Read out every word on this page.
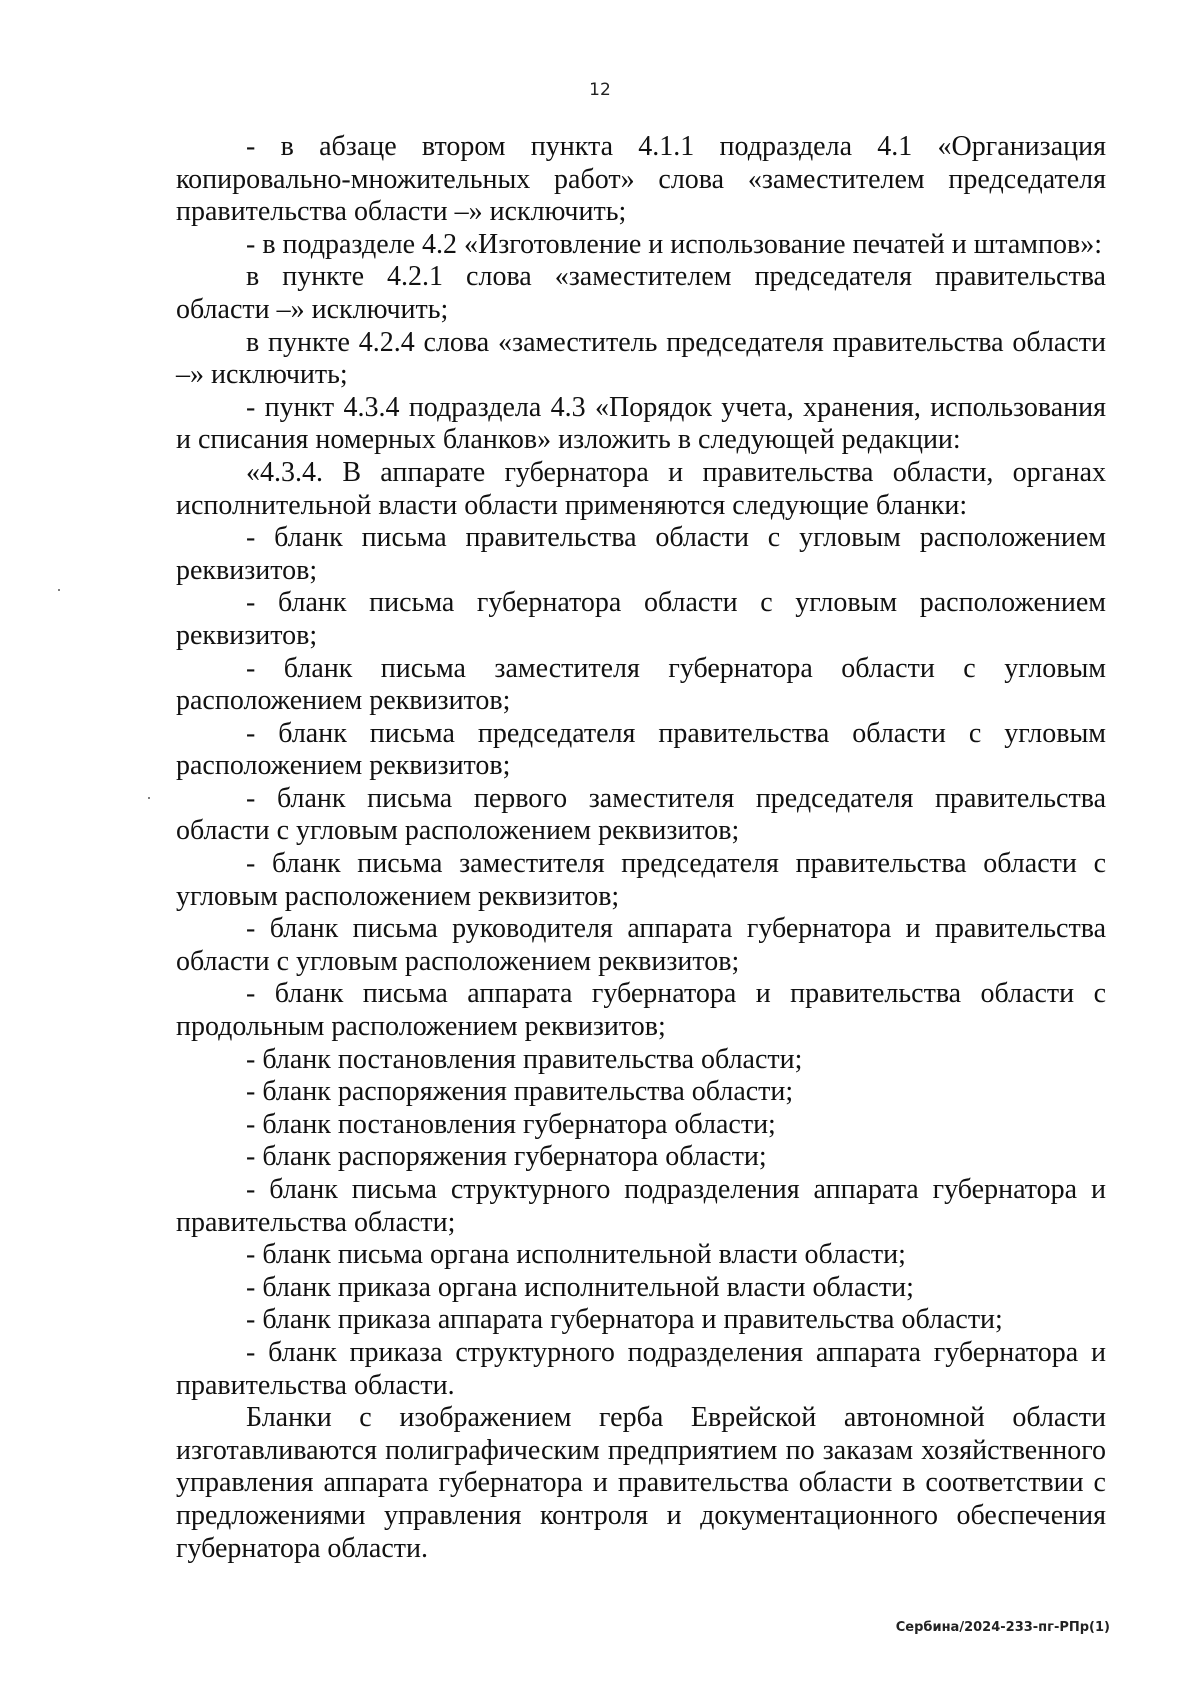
12

- в абзаце втором пункта 4.1.1 подраздела 4.1 «Организация копировально-множительных работ» слова «заместителем председателя правительства области –» исключить;

- в подразделе 4.2 «Изготовление и использование печатей и штампов»:

в пункте 4.2.1 слова «заместителем председателя правительства области –» исключить;

в пункте 4.2.4 слова «заместитель председателя правительства области –» исключить;

- пункт 4.3.4 подраздела 4.3 «Порядок учета, хранения, использования и списания номерных бланков» изложить в следующей редакции:

«4.3.4. В аппарате губернатора и правительства области, органах исполнительной власти области применяются следующие бланки:

- бланк письма правительства области с угловым расположением реквизитов;

- бланк письма губернатора области с угловым расположением реквизитов;

- бланк письма заместителя губернатора области с угловым расположением реквизитов;

- бланк письма председателя правительства области с угловым расположением реквизитов;

- бланк письма первого заместителя председателя правительства области с угловым расположением реквизитов;

- бланк письма заместителя председателя правительства области с угловым расположением реквизитов;

- бланк письма руководителя аппарата губернатора и правительства области с угловым расположением реквизитов;

- бланк письма аппарата губернатора и правительства области с продольным расположением реквизитов;

- бланк постановления правительства области;

- бланк распоряжения правительства области;

- бланк постановления губернатора области;

- бланк распоряжения губернатора области;

- бланк письма структурного подразделения аппарата губернатора и правительства области;

- бланк письма органа исполнительной власти области;

- бланк приказа органа исполнительной власти области;

- бланк приказа аппарата губернатора и правительства области;

- бланк приказа структурного подразделения аппарата губернатора и правительства области.

Бланки с изображением герба Еврейской автономной области изготавливаются полиграфическим предприятием по заказам хозяйственного управления аппарата губернатора и правительства области в соответствии с предложениями управления контроля и документационного обеспечения губернатора области.

Сербина/2024-233-пг-РПр(1)
